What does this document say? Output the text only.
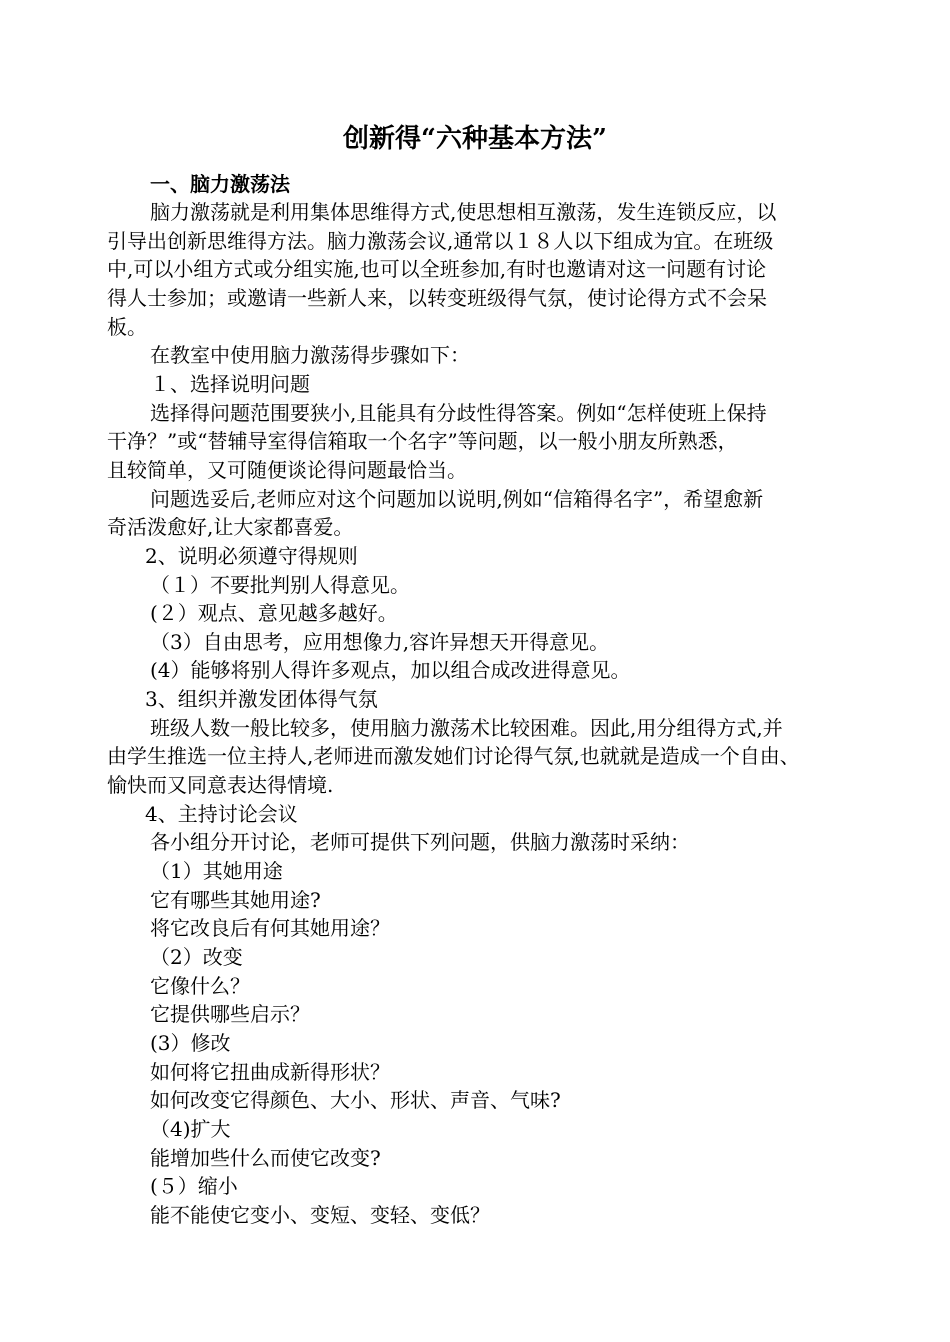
创新得“六种基本方法”
一、脑力激荡法
脑力激荡就是利用集体思维得方式,使思想相互激荡，发生连锁反应，以
引导出创新思维得方法。脑力激荡会议,通常以１８人以下组成为宜。在班级
中,可以小组方式或分组实施,也可以全班参加,有时也邀请对这一问题有讨论
得人士参加；或邀请一些新人来，以转变班级得气氛，使讨论得方式不会呆
板。
在教室中使用脑力激荡得步骤如下：
１、选择说明问题
选择得问题范围要狭小,且能具有分歧性得答案。例如“怎样使班上保持
干净？”或“替辅导室得信箱取一个名字”等问题，以一般小朋友所熟悉，
且较简单，又可随便谈论得问题最恰当。
问题选妥后,老师应对这个问题加以说明,例如“信箱得名字”，希望愈新
奇活泼愈好,让大家都喜爱。
2、说明必须遵守得规则
（１）不要批判别人得意见。
(２）观点、意见越多越好。
（3）自由思考，应用想像力,容许异想天开得意见。
(4）能够将别人得许多观点，加以组合成改进得意见。
3、组织并激发团体得气氛
班级人数一般比较多，使用脑力激荡术比较困难。因此,用分组得方式,并
由学生推选一位主持人,老师进而激发她们讨论得气氛,也就就是造成一个自由、
愉快而又同意表达得情境.
4、主持讨论会议
各小组分开讨论，老师可提供下列问题，供脑力激荡时采纳：
（1）其她用途
它有哪些其她用途?
将它改良后有何其她用途？
（2）改变
它像什么？
它提供哪些启示？
(3）修改
如何将它扭曲成新得形状？
如何改变它得颜色、大小、形状、声音、气味?
（4)扩大
能增加些什么而使它改变?
(５）缩小
能不能使它变小、变短、变轻、变低？
